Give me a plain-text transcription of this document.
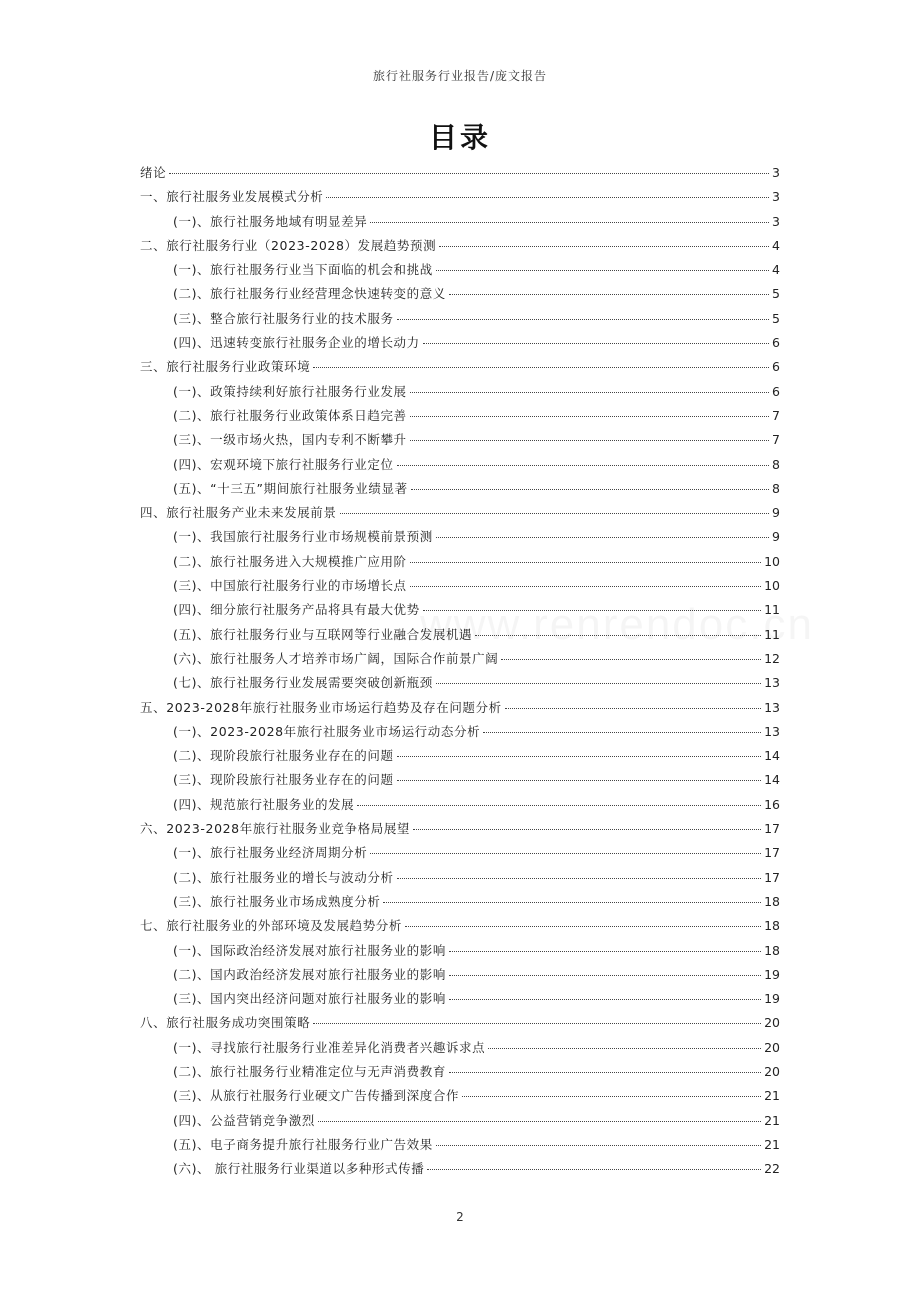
旅行社服务行业报告/庞文报告
目录
绪论	3
一、旅行社服务业发展模式分析	3
(一)、旅行社服务地域有明显差异	3
二、旅行社服务行业（2023-2028）发展趋势预测	4
(一)、旅行社服务行业当下面临的机会和挑战	4
(二)、旅行社服务行业经营理念快速转变的意义	5
(三)、整合旅行社服务行业的技术服务	5
(四)、迅速转变旅行社服务企业的增长动力	6
三、旅行社服务行业政策环境	6
(一)、政策持续利好旅行社服务行业发展	6
(二)、旅行社服务行业政策体系日趋完善	7
(三)、一级市场火热，国内专利不断攀升	7
(四)、宏观环境下旅行社服务行业定位	8
(五)、“十三五”期间旅行社服务业绩显著	8
四、旅行社服务产业未来发展前景	9
(一)、我国旅行社服务行业市场规模前景预测	9
(二)、旅行社服务进入大规模推广应用阶	10
(三)、中国旅行社服务行业的市场增长点	10
(四)、细分旅行社服务产品将具有最大优势	11
(五)、旅行社服务行业与互联网等行业融合发展机遇	11
(六)、旅行社服务人才培养市场广阔，国际合作前景广阔	12
(七)、旅行社服务行业发展需要突破创新瓶颈	13
五、2023-2028年旅行社服务业市场运行趋势及存在问题分析	13
(一)、2023-2028年旅行社服务业市场运行动态分析	13
(二)、现阶段旅行社服务业存在的问题	14
(三)、现阶段旅行社服务业存在的问题	14
(四)、规范旅行社服务业的发展	16
六、2023-2028年旅行社服务业竞争格局展望	17
(一)、旅行社服务业经济周期分析	17
(二)、旅行社服务业的增长与波动分析	17
(三)、旅行社服务业市场成熟度分析	18
七、旅行社服务业的外部环境及发展趋势分析	18
(一)、国际政治经济发展对旅行社服务业的影响	18
(二)、国内政治经济发展对旅行社服务业的影响	19
(三)、国内突出经济问题对旅行社服务业的影响	19
八、旅行社服务成功突围策略	20
(一)、寻找旅行社服务行业准差异化消费者兴趣诉求点	20
(二)、旅行社服务行业精准定位与无声消费教育	20
(三)、从旅行社服务行业硬文广告传播到深度合作	21
(四)、公益营销竞争激烈	21
(五)、电子商务提升旅行社服务行业广告效果	21
(六)、 旅行社服务行业渠道以多种形式传播	22
2
